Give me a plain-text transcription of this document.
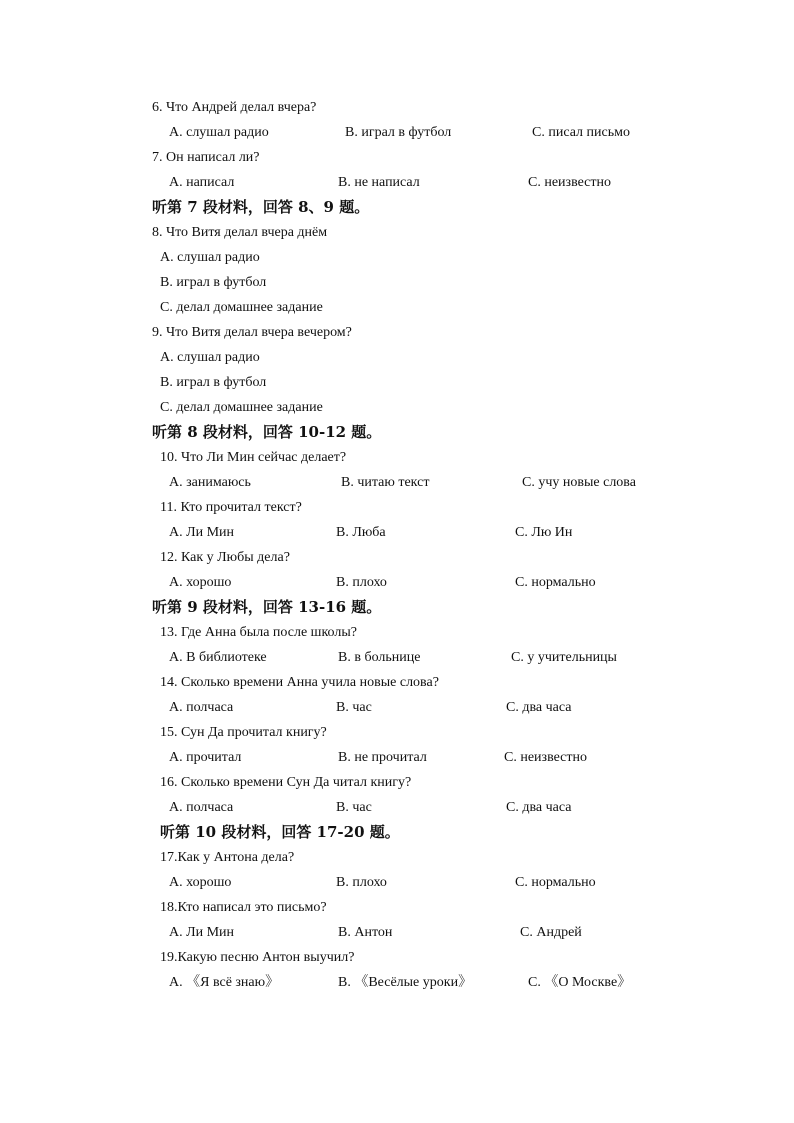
6. Что Андрей делал вчера?
A. слушал радио	B. играл в футбол	C. писал письмо
7. Он написал ли?
A. написал	B. не написал	C. неизвестно
听第 7 段材料，回答 8、9 题。
8. Что Витя делал вчера днём
A. слушал радио
B. играл в футбол
C. делал домашнее задание
9. Что Витя делал вчера вечером?
A. слушал радио
B. играл в футбол
C. делал домашнее задание
听第 8 段材料，回答 10-12 题。
10. Что Ли Мин сейчас делает?
A. занимаюсь	B. читаю текст	C. учу новые слова
11. Кто прочитал текст?
A. Ли Мин	B. Люба	C. Лю Ин
12. Как у Любы дела?
A. хорошо	B. плохо	C. нормально
听第 9 段材料，回答 13-16 题。
13. Где Анна была после школы?
A. В библиотеке	B. в больнице	C. у учительницы
14. Сколько времени Анна учила новые слова?
A. полчаса	B. час	C. два часа
15. Сун Да прочитал книгу?
A. прочитал	B. не прочитал	C. неизвестно
16. Сколько времени Сун Да читал книгу?
A. полчаса	B. час	C. два часа
听第 10 段材料，回答 17-20 题。
17.Как у Антона дела?
A. хорошо	B. плохо	C. нормально
18.Кто написал это письмо?
A. Ли Мин	B. Антон	C. Андрей
19.Какую песню Антон выучил?
A. 《Я всё знаю》	B. 《Весёлые уроки》	C. 《О Москве》
